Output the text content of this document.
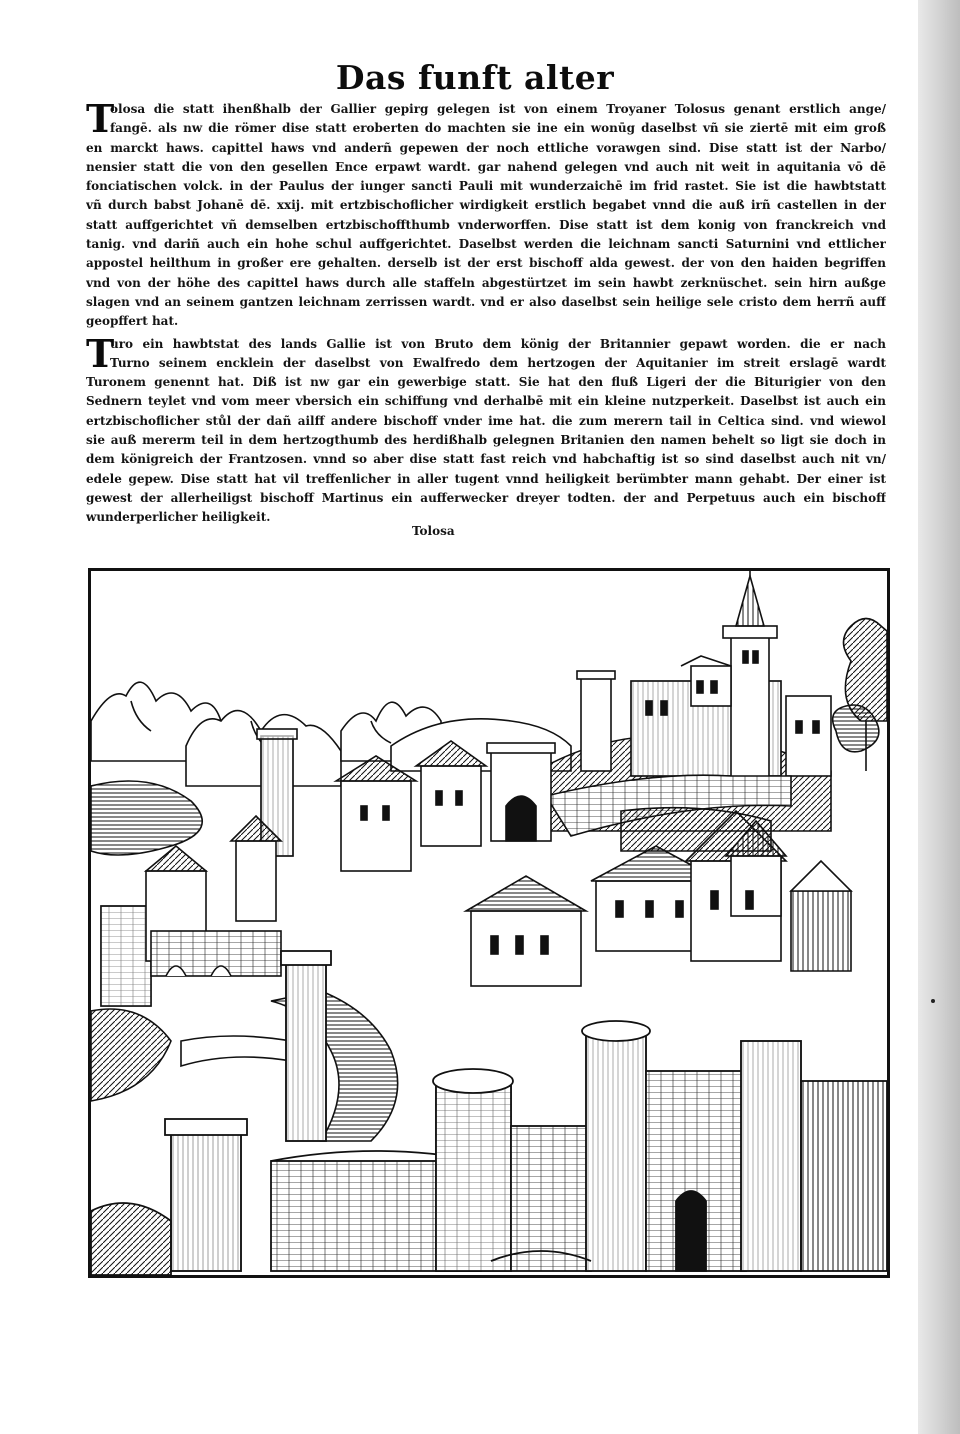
Das funft alter
T
olosa die statt ihenßhalb der Gallier gepirg gelegen ist von einem Troyaner Tolosus genant erstlich ange/
fangē. als nw die römer dise statt eroberten do machten sie ine ein wonūg daselbst vñ sie ziertē mit eim groß
en marckt haws. capittel haws vnd anderñ gepewen der noch ettliche vorawgen sind. Dise statt ist der Narbo/
nensier statt die von den gesellen Ence erpawt wardt. gar nahend gelegen vnd auch nit weit in aquitania vō dē
fonciatischen volck. in der Paulus der iunger sancti Pauli mit wunderzaichē im frid rastet. Sie ist die hawbtstatt
vñ durch babst Johanē dē. xxij. mit ertzbischoflicher wirdigkeit erstlich begabet vnnd die auß irñ castellen in der
statt auffgerichtet vñ demselben ertzbischoffthumb vnderworffen. Dise statt ist dem konig von franckreich vnd
tanig. vnd dariñ auch ein hohe schul auffgerichtet. Daselbst werden die leichnam sancti Saturnini vnd ettlicher
appostel heilthum in großer ere gehalten. derselb ist der erst bischoff alda gewest. der von den haiden begriffen
vnd von der höhe des capittel haws durch alle staffeln abgestürtzet im sein hawbt zerknüschet. sein hirn außge
slagen vnd an seinem gantzen leichnam zerrissen wardt. vnd er also daselbst sein heilige sele cristo dem herrñ auff
geopffert hat.
T
uro ein hawbtstat des lands Gallie ist von Bruto dem könig der Britannier gepawt worden. die er nach
Turno seinem encklein der daselbst von Ewalfredo dem hertzogen der Aquitanier im streit erslagē wardt
Turonem genennt hat. Diß ist nw gar ein gewerbige statt. Sie hat den fluß Ligeri der die Biturigier von den
Sednern teylet vnd vom meer vbersich ein schiffung vnd derhalbē mit ein kleine nutzperkeit. Daselbst ist auch ein
ertzbischoflicher stůl der dañ ailff andere bischoff vnder ime hat. die zum merern tail in Celtica sind. vnd wiewol
sie auß mererm teil in dem hertzogthumb des herdißhalb gelegnen Britanien den namen behelt so ligt sie doch in
dem königreich der Frantzosen. vnnd so aber dise statt fast reich vnd habchaftig ist so sind daselbst auch nit vn/
edele gepew. Dise statt hat vil treffenlicher in aller tugent vnnd heiligkeit berümbter mann gehabt. Der einer ist
gewest der allerheiligst bischoff Martinus ein aufferwecker dreyer todten. der and Perpetuus auch ein bischoff
wunderperlicher heiligkeit.
Tolosa
